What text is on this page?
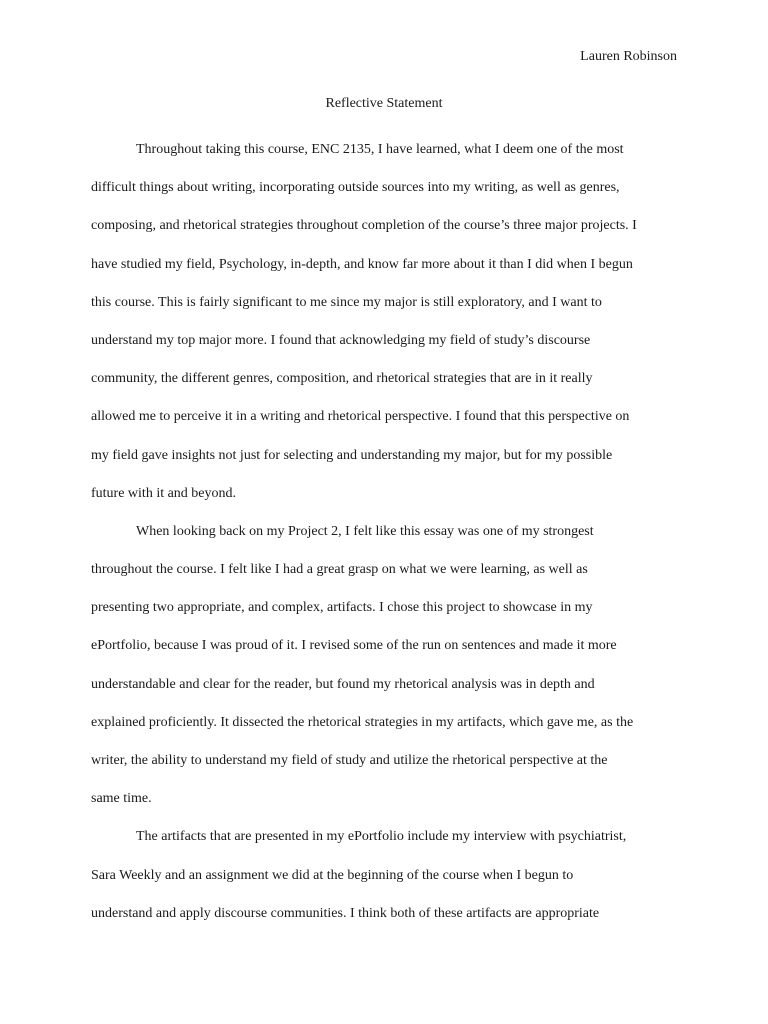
Lauren Robinson
Reflective Statement

Throughout taking this course, ENC 2135, I have learned, what I deem one of the most
difficult things about writing, incorporating outside sources into my writing, as well as genres,
composing, and rhetorical strategies throughout completion of the course’s three major projects. I
have studied my field, Psychology, in-depth, and know far more about it than I did when I begun
this course. This is fairly significant to me since my major is still exploratory, and I want to
understand my top major more. I found that acknowledging my field of study’s discourse
community, the different genres, composition, and rhetorical strategies that are in it really
allowed me to perceive it in a writing and rhetorical perspective. I found that this perspective on
my field gave insights not just for selecting and understanding my major, but for my possible
future with it and beyond.

When looking back on my Project 2, I felt like this essay was one of my strongest
throughout the course. I felt like I had a great grasp on what we were learning, as well as
presenting two appropriate, and complex, artifacts. I chose this project to showcase in my
ePortfolio, because I was proud of it. I revised some of the run on sentences and made it more
understandable and clear for the reader, but found my rhetorical analysis was in depth and
explained proficiently. It dissected the rhetorical strategies in my artifacts, which gave me, as the
writer, the ability to understand my field of study and utilize the rhetorical perspective at the
same time.

The artifacts that are presented in my ePortfolio include my interview with psychiatrist,
Sara Weekly and an assignment we did at the beginning of the course when I begun to
understand and apply discourse communities. I think both of these artifacts are appropriate
